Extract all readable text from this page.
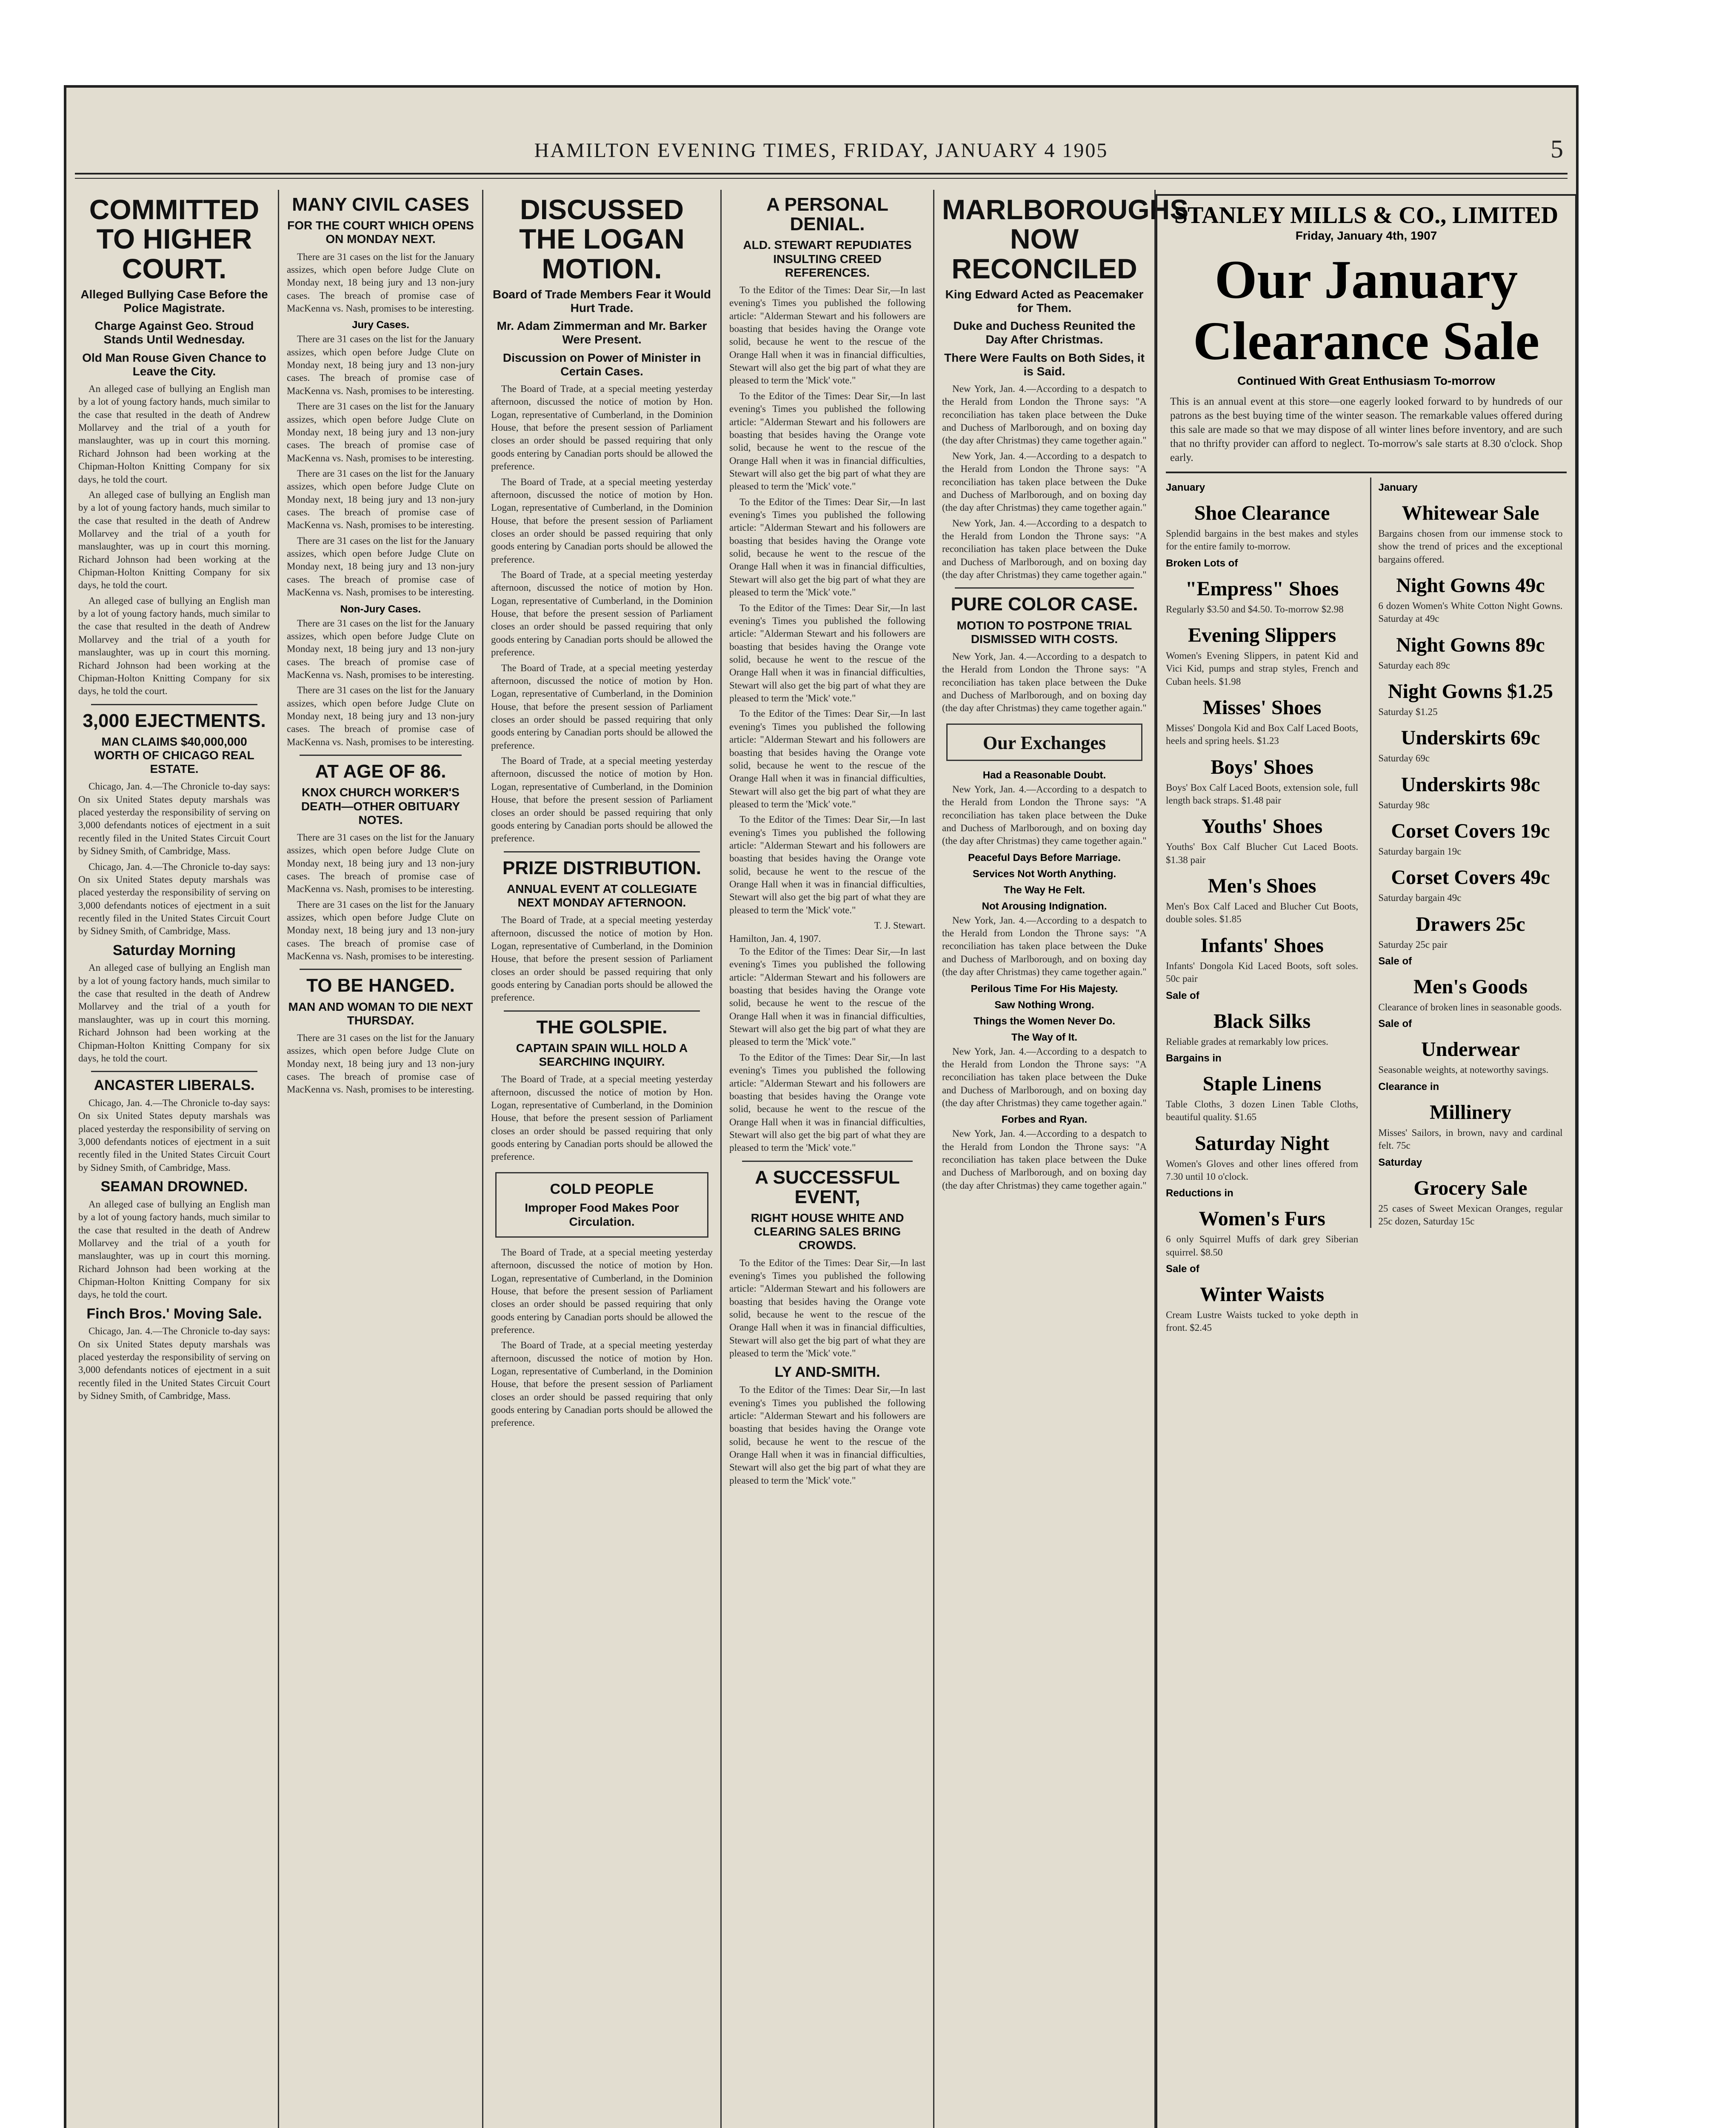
HAMILTON EVENING TIMES, FRIDAY, JANUARY 4 1905	5
COMMITTED TO HIGHER COURT.
Alleged Bullying Case Before the Police Magistrate.
Charge Against Geo. Stroud Stands Until Wednesday.
Old Man Rouse Given Chance to Leave the City.

An alleged case of bullying an English man by a lot of young factory hands, much similar to the case that resulted in the death of Andrew Mollarvey and the trial of a youth for manslaughter, was up in court this morning. Richard Johnson had been working at the Chipman-Holton Knitting Company for six days, he told the court.

An alleged case of bullying an English man by a lot of young factory hands, much similar to the case that resulted in the death of Andrew Mollarvey and the trial of a youth for manslaughter, was up in court this morning. Richard Johnson had been working at the Chipman-Holton Knitting Company for six days, he told the court.

An alleged case of bullying an English man by a lot of young factory hands, much similar to the case that resulted in the death of Andrew Mollarvey and the trial of a youth for manslaughter, was up in court this morning. Richard Johnson had been working at the Chipman-Holton Knitting Company for six days, he told the court.

3,000 EJECTMENTS.
MAN CLAIMS $40,000,000 WORTH OF CHICAGO REAL ESTATE.

Chicago, Jan. 4.—The Chronicle to-day says: On six United States deputy marshals was placed yesterday the responsibility of serving on 3,000 defendants notices of ejectment in a suit recently filed in the United States Circuit Court by Sidney Smith, of Cambridge, Mass.

Chicago, Jan. 4.—The Chronicle to-day says: On six United States deputy marshals was placed yesterday the responsibility of serving on 3,000 defendants notices of ejectment in a suit recently filed in the United States Circuit Court by Sidney Smith, of Cambridge, Mass.

Saturday Morning

An alleged case of bullying an English man by a lot of young factory hands, much similar to the case that resulted in the death of Andrew Mollarvey and the trial of a youth for manslaughter, was up in court this morning. Richard Johnson had been working at the Chipman-Holton Knitting Company for six days, he told the court.

ANCASTER LIBERALS.

Chicago, Jan. 4.—The Chronicle to-day says: On six United States deputy marshals was placed yesterday the responsibility of serving on 3,000 defendants notices of ejectment in a suit recently filed in the United States Circuit Court by Sidney Smith, of Cambridge, Mass.

SEAMAN DROWNED.

An alleged case of bullying an English man by a lot of young factory hands, much similar to the case that resulted in the death of Andrew Mollarvey and the trial of a youth for manslaughter, was up in court this morning. Richard Johnson had been working at the Chipman-Holton Knitting Company for six days, he told the court.

Finch Bros.' Moving Sale.

Chicago, Jan. 4.—The Chronicle to-day says: On six United States deputy marshals was placed yesterday the responsibility of serving on 3,000 defendants notices of ejectment in a suit recently filed in the United States Circuit Court by Sidney Smith, of Cambridge, Mass.

MANY CIVIL CASES
FOR THE COURT WHICH OPENS ON MONDAY NEXT.

There are 31 cases on the list for the January assizes, which open before Judge Clute on Monday next, 18 being jury and 13 non-jury cases. The breach of promise case of MacKenna vs. Nash, promises to be interesting.

Jury Cases.

There are 31 cases on the list for the January assizes, which open before Judge Clute on Monday next, 18 being jury and 13 non-jury cases. The breach of promise case of MacKenna vs. Nash, promises to be interesting.

There are 31 cases on the list for the January assizes, which open before Judge Clute on Monday next, 18 being jury and 13 non-jury cases. The breach of promise case of MacKenna vs. Nash, promises to be interesting.

There are 31 cases on the list for the January assizes, which open before Judge Clute on Monday next, 18 being jury and 13 non-jury cases. The breach of promise case of MacKenna vs. Nash, promises to be interesting.

There are 31 cases on the list for the January assizes, which open before Judge Clute on Monday next, 18 being jury and 13 non-jury cases. The breach of promise case of MacKenna vs. Nash, promises to be interesting.

Non-Jury Cases.

There are 31 cases on the list for the January assizes, which open before Judge Clute on Monday next, 18 being jury and 13 non-jury cases. The breach of promise case of MacKenna vs. Nash, promises to be interesting.

There are 31 cases on the list for the January assizes, which open before Judge Clute on Monday next, 18 being jury and 13 non-jury cases. The breach of promise case of MacKenna vs. Nash, promises to be interesting.

AT AGE OF 86.
KNOX CHURCH WORKER'S DEATH—OTHER OBITUARY NOTES.

There are 31 cases on the list for the January assizes, which open before Judge Clute on Monday next, 18 being jury and 13 non-jury cases. The breach of promise case of MacKenna vs. Nash, promises to be interesting.

There are 31 cases on the list for the January assizes, which open before Judge Clute on Monday next, 18 being jury and 13 non-jury cases. The breach of promise case of MacKenna vs. Nash, promises to be interesting.

TO BE HANGED.
MAN AND WOMAN TO DIE NEXT THURSDAY.

There are 31 cases on the list for the January assizes, which open before Judge Clute on Monday next, 18 being jury and 13 non-jury cases. The breach of promise case of MacKenna vs. Nash, promises to be interesting.

DISCUSSED THE LOGAN MOTION.
Board of Trade Members Fear it Would Hurt Trade.
Mr. Adam Zimmerman and Mr. Barker Were Present.
Discussion on Power of Minister in Certain Cases.

The Board of Trade, at a special meeting yesterday afternoon, discussed the notice of motion by Hon. Logan, representative of Cumberland, in the Dominion House, that before the present session of Parliament closes an order should be passed requiring that only goods entering by Canadian ports should be allowed the preference.

The Board of Trade, at a special meeting yesterday afternoon, discussed the notice of motion by Hon. Logan, representative of Cumberland, in the Dominion House, that before the present session of Parliament closes an order should be passed requiring that only goods entering by Canadian ports should be allowed the preference.

The Board of Trade, at a special meeting yesterday afternoon, discussed the notice of motion by Hon. Logan, representative of Cumberland, in the Dominion House, that before the present session of Parliament closes an order should be passed requiring that only goods entering by Canadian ports should be allowed the preference.

The Board of Trade, at a special meeting yesterday afternoon, discussed the notice of motion by Hon. Logan, representative of Cumberland, in the Dominion House, that before the present session of Parliament closes an order should be passed requiring that only goods entering by Canadian ports should be allowed the preference.

The Board of Trade, at a special meeting yesterday afternoon, discussed the notice of motion by Hon. Logan, representative of Cumberland, in the Dominion House, that before the present session of Parliament closes an order should be passed requiring that only goods entering by Canadian ports should be allowed the preference.

PRIZE DISTRIBUTION.
ANNUAL EVENT AT COLLEGIATE NEXT MONDAY AFTERNOON.

The Board of Trade, at a special meeting yesterday afternoon, discussed the notice of motion by Hon. Logan, representative of Cumberland, in the Dominion House, that before the present session of Parliament closes an order should be passed requiring that only goods entering by Canadian ports should be allowed the preference.

THE GOLSPIE.
CAPTAIN SPAIN WILL HOLD A SEARCHING INQUIRY.

The Board of Trade, at a special meeting yesterday afternoon, discussed the notice of motion by Hon. Logan, representative of Cumberland, in the Dominion House, that before the present session of Parliament closes an order should be passed requiring that only goods entering by Canadian ports should be allowed the preference.

COLD PEOPLE
Improper Food Makes Poor Circulation.

The Board of Trade, at a special meeting yesterday afternoon, discussed the notice of motion by Hon. Logan, representative of Cumberland, in the Dominion House, that before the present session of Parliament closes an order should be passed requiring that only goods entering by Canadian ports should be allowed the preference.

The Board of Trade, at a special meeting yesterday afternoon, discussed the notice of motion by Hon. Logan, representative of Cumberland, in the Dominion House, that before the present session of Parliament closes an order should be passed requiring that only goods entering by Canadian ports should be allowed the preference.

A PERSONAL DENIAL.
ALD. STEWART REPUDIATES INSULTING CREED REFERENCES.

To the Editor of the Times: Dear Sir,—In last evening's Times you published the following article: "Alderman Stewart and his followers are boasting that besides having the Orange vote solid, because he went to the rescue of the Orange Hall when it was in financial difficulties, Stewart will also get the big part of what they are pleased to term the 'Mick' vote."

To the Editor of the Times: Dear Sir,—In last evening's Times you published the following article: "Alderman Stewart and his followers are boasting that besides having the Orange vote solid, because he went to the rescue of the Orange Hall when it was in financial difficulties, Stewart will also get the big part of what they are pleased to term the 'Mick' vote."

To the Editor of the Times: Dear Sir,—In last evening's Times you published the following article: "Alderman Stewart and his followers are boasting that besides having the Orange vote solid, because he went to the rescue of the Orange Hall when it was in financial difficulties, Stewart will also get the big part of what they are pleased to term the 'Mick' vote."

To the Editor of the Times: Dear Sir,—In last evening's Times you published the following article: "Alderman Stewart and his followers are boasting that besides having the Orange vote solid, because he went to the rescue of the Orange Hall when it was in financial difficulties, Stewart will also get the big part of what they are pleased to term the 'Mick' vote."

To the Editor of the Times: Dear Sir,—In last evening's Times you published the following article: "Alderman Stewart and his followers are boasting that besides having the Orange vote solid, because he went to the rescue of the Orange Hall when it was in financial difficulties, Stewart will also get the big part of what they are pleased to term the 'Mick' vote."

To the Editor of the Times: Dear Sir,—In last evening's Times you published the following article: "Alderman Stewart and his followers are boasting that besides having the Orange vote solid, because he went to the rescue of the Orange Hall when it was in financial difficulties, Stewart will also get the big part of what they are pleased to term the 'Mick' vote."

T. J. Stewart.
Hamilton, Jan. 4, 1907.

To the Editor of the Times: Dear Sir,—In last evening's Times you published the following article: "Alderman Stewart and his followers are boasting that besides having the Orange vote solid, because he went to the rescue of the Orange Hall when it was in financial difficulties, Stewart will also get the big part of what they are pleased to term the 'Mick' vote."

To the Editor of the Times: Dear Sir,—In last evening's Times you published the following article: "Alderman Stewart and his followers are boasting that besides having the Orange vote solid, because he went to the rescue of the Orange Hall when it was in financial difficulties, Stewart will also get the big part of what they are pleased to term the 'Mick' vote."

A SUCCESSFUL EVENT,
RIGHT HOUSE WHITE AND CLEARING SALES BRING CROWDS.

To the Editor of the Times: Dear Sir,—In last evening's Times you published the following article: "Alderman Stewart and his followers are boasting that besides having the Orange vote solid, because he went to the rescue of the Orange Hall when it was in financial difficulties, Stewart will also get the big part of what they are pleased to term the 'Mick' vote."

LY AND-SMITH.

To the Editor of the Times: Dear Sir,—In last evening's Times you published the following article: "Alderman Stewart and his followers are boasting that besides having the Orange vote solid, because he went to the rescue of the Orange Hall when it was in financial difficulties, Stewart will also get the big part of what they are pleased to term the 'Mick' vote."

MARLBOROUGHS NOW RECONCILED
King Edward Acted as Peacemaker for Them.
Duke and Duchess Reunited the Day After Christmas.
There Were Faults on Both Sides, it is Said.

New York, Jan. 4.—According to a despatch to the Herald from London the Throne says: "A reconciliation has taken place between the Duke and Duchess of Marlborough, and on boxing day (the day after Christmas) they came together again."

New York, Jan. 4.—According to a despatch to the Herald from London the Throne says: "A reconciliation has taken place between the Duke and Duchess of Marlborough, and on boxing day (the day after Christmas) they came together again."

New York, Jan. 4.—According to a despatch to the Herald from London the Throne says: "A reconciliation has taken place between the Duke and Duchess of Marlborough, and on boxing day (the day after Christmas) they came together again."

PURE COLOR CASE.
MOTION TO POSTPONE TRIAL DISMISSED WITH COSTS.

New York, Jan. 4.—According to a despatch to the Herald from London the Throne says: "A reconciliation has taken place between the Duke and Duchess of Marlborough, and on boxing day (the day after Christmas) they came together again."

Our Exchanges
Had a Reasonable Doubt.

New York, Jan. 4.—According to a despatch to the Herald from London the Throne says: "A reconciliation has taken place between the Duke and Duchess of Marlborough, and on boxing day (the day after Christmas) they came together again."

Peaceful Days Before Marriage.
Services Not Worth Anything.
The Way He Felt.
Not Arousing Indignation.

New York, Jan. 4.—According to a despatch to the Herald from London the Throne says: "A reconciliation has taken place between the Duke and Duchess of Marlborough, and on boxing day (the day after Christmas) they came together again."

Perilous Time For His Majesty.
Saw Nothing Wrong.
Things the Women Never Do.
The Way of It.

New York, Jan. 4.—According to a despatch to the Herald from London the Throne says: "A reconciliation has taken place between the Duke and Duchess of Marlborough, and on boxing day (the day after Christmas) they came together again."

Forbes and Ryan.

New York, Jan. 4.—According to a despatch to the Herald from London the Throne says: "A reconciliation has taken place between the Duke and Duchess of Marlborough, and on boxing day (the day after Christmas) they came together again."

STANLEY MILLS & CO., LIMITED
Friday, January 4th, 1907
Our January
Clearance Sale
Continued With Great Enthusiasm To-morrow
This is an annual event at this store—one eagerly looked forward to by hundreds of our patrons as the best buying time of the winter season. The remarkable values offered during this sale are made so that we may dispose of all winter lines before inventory, and are such that no thrifty provider can afford to neglect. To-morrow's sale starts at 8.30 o'clock. Shop early.
January
Shoe Clearance
Splendid bargains in the best makes and styles for the entire family to-morrow.
Broken Lots of
"Empress" Shoes
Regularly $3.50 and $4.50. To-morrow $2.98
Evening Slippers
Women's Evening Slippers, in patent Kid and Vici Kid, pumps and strap styles, French and Cuban heels. $1.98
Misses' Shoes
Misses' Dongola Kid and Box Calf Laced Boots, heels and spring heels. $1.23
Boys' Shoes
Boys' Box Calf Laced Boots, extension sole, full length back straps. $1.48 pair
Youths' Shoes
Youths' Box Calf Blucher Cut Laced Boots. $1.38 pair
Men's Shoes
Men's Box Calf Laced and Blucher Cut Boots, double soles. $1.85
Infants' Shoes
Infants' Dongola Kid Laced Boots, soft soles. 50c pair
Sale of
Black Silks
Reliable grades at remarkably low prices.
Bargains in
Staple Linens
Table Cloths, 3 dozen Linen Table Cloths, beautiful quality. $1.65
Saturday Night
Women's Gloves and other lines offered from 7.30 until 10 o'clock.
Reductions in
Women's Furs
6 only Squirrel Muffs of dark grey Siberian squirrel. $8.50
Sale of
Winter Waists
Cream Lustre Waists tucked to yoke depth in front. $2.45
January
Whitewear Sale
Bargains chosen from our immense stock to show the trend of prices and the exceptional bargains offered.
Night Gowns 49c
6 dozen Women's White Cotton Night Gowns. Saturday at 49c
Night Gowns 89c
Saturday each 89c
Night Gowns $1.25
Saturday $1.25
Underskirts 69c
Saturday 69c
Underskirts 98c
Saturday 98c
Corset Covers 19c
Saturday bargain 19c
Corset Covers 49c
Saturday bargain 49c
Drawers 25c
Saturday 25c pair
Sale of
Men's Goods
Clearance of broken lines in seasonable goods.
Sale of
Underwear
Seasonable weights, at noteworthy savings.
Clearance in
Millinery
Misses' Sailors, in brown, navy and cardinal felt. 75c
Saturday
Grocery Sale
25 cases of Sweet Mexican Oranges, regular 25c dozen, Saturday 15c
